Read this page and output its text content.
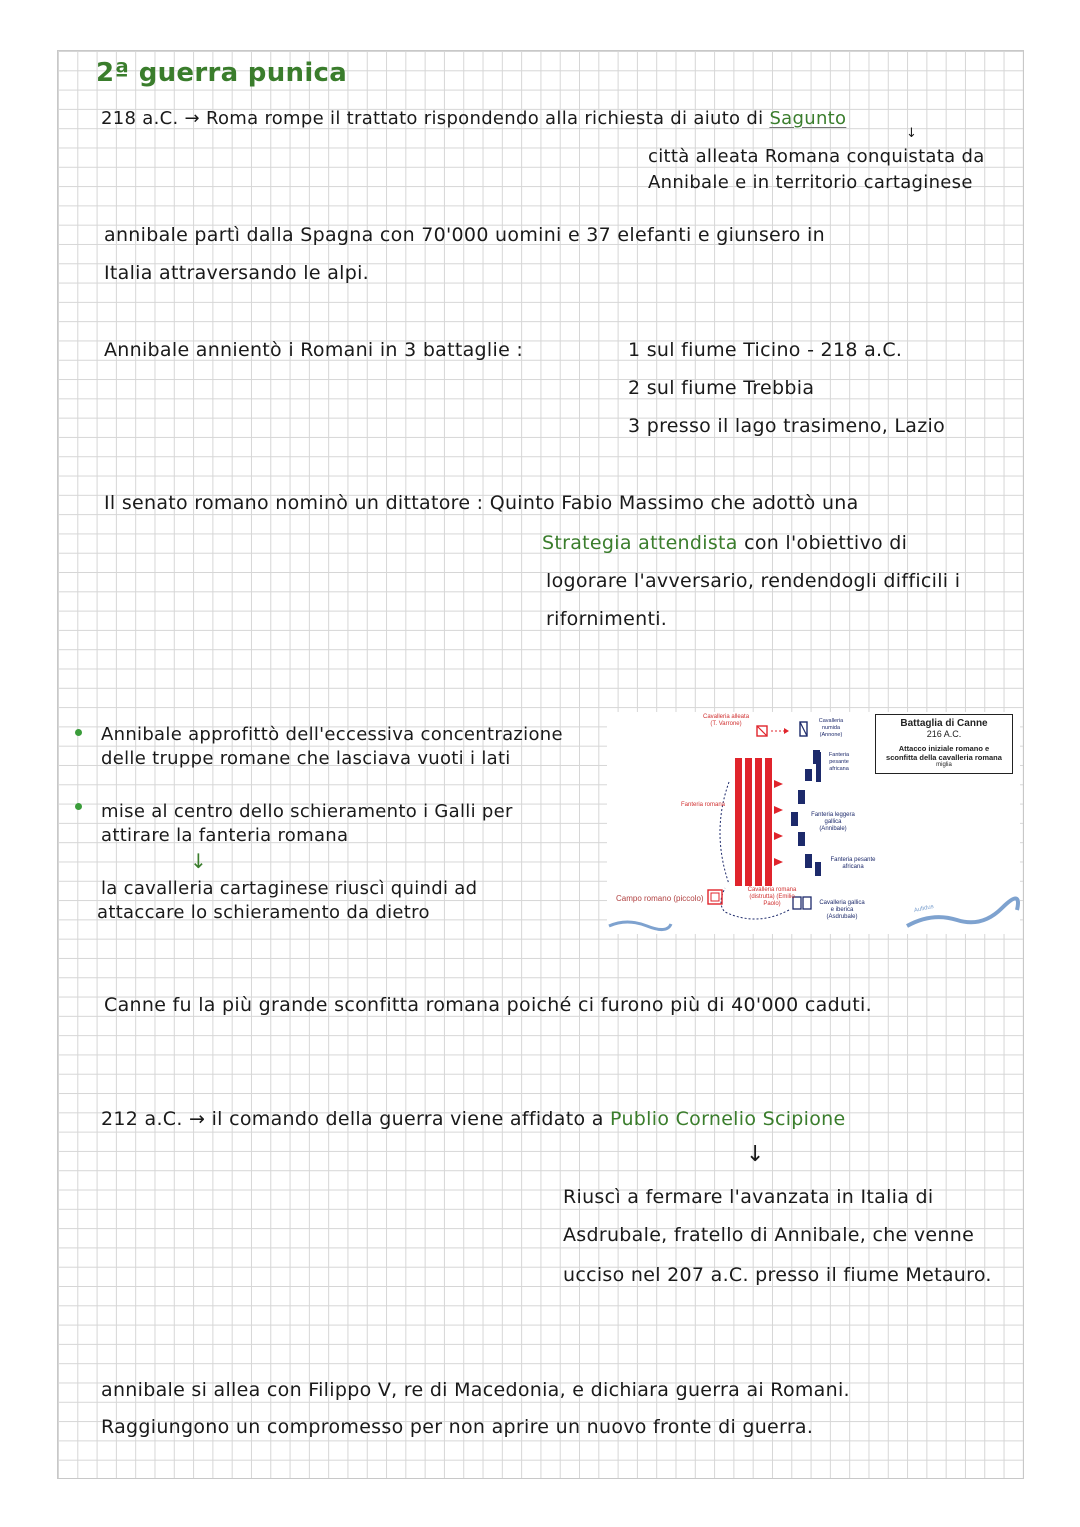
2ª guerra punica
218 a.C. → Roma rompe il trattato rispondendo alla richiesta di aiuto di Sagunto
↓
città alleata Romana conquistata da
Annibale e in territorio cartaginese
annibale partì dalla Spagna con 70'000 uomini e 37 elefanti e giunsero in
Italia attraversando le alpi.
Annibale annientò i Romani in 3 battaglie :	1 sul fiume Ticino - 218 a.C.
2 sul fiume Trebbia
3 presso il lago trasimeno, Lazio
Il senato romano nominò un dittatore : Quinto Fabio Massimo che adottò una
Strategia attendista con l'obiettivo di
logorare l'avversario, rendendogli difficili i
rifornimenti.
Annibale approfittò dell'eccessiva concentrazione
delle truppe romane che lasciava vuoti i lati
mise al centro dello schieramento i Galli per
attirare la fanteria romana
↓
la cavalleria cartaginese riuscì quindi ad
attaccare lo schieramento da dietro
Cavalleria alleata
(T. Varrone)	Cavalleria numida
(Annone)
Fanteria pesante africana
Fanteria romana
Fanteria leggera gallica
(Annibale)
Fanteria pesante africana
Cavalleria romana
(distrutta) (Emilio Paolo)	Cavalleria gallica e iberica
(Asdrubale)
Campo romano (piccolo)
Aufidus
Battaglia di Canne
216 A.C.
Attacco iniziale romano e
sconfitta della cavalleria romana
miglia
Canne fu la più grande sconfitta romana poiché ci furono più di 40'000 caduti.
212 a.C. → il comando della guerra viene affidato a Publio Cornelio Scipione
↓
Riuscì a fermare l'avanzata in Italia di
Asdrubale, fratello di Annibale, che venne
ucciso nel 207 a.C. presso il fiume Metauro.
annibale si allea con Filippo V, re di Macedonia, e dichiara guerra ai Romani.
Raggiungono un compromesso per non aprire un nuovo fronte di guerra.
